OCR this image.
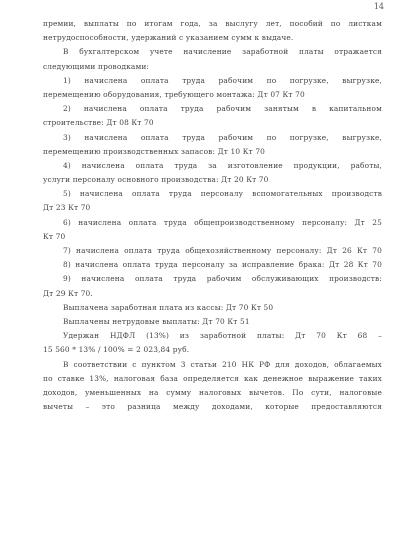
14
премии, выплаты по итогам года, за выслугу лет, пособий по листкам
нетрудоспособности, удержаний с указанием сумм к выдаче.
В бухгалтерском учете начисление заработной платы отражается
следующими проводками:
1) начислена оплата труда рабочим по погрузке, выгрузке,
перемещению оборудования, требующего монтажа: Дт 07 Кт 70
2) начислена оплата труда рабочим занятым в капитальном
строительстве: Дт 08 Кт 70
3) начислена оплата труда рабочим по погрузке, выгрузке,
перемещению производственных запасов: Дт 10 Кт 70
4) начислена оплата труда за изготовление продукции, работы,
услуги персоналу основного производства: Дт 20 Кт 70
5) начислена оплата труда персоналу вспомогательных производств
Дт 23 Кт 70
6) начислена оплата труда общепроизводственному персоналу: Дт 25
Кт 70
7) начислена оплата труда общехозяйственному персоналу: Дт 26 Кт 70
8) начислена оплата труда персоналу за исправление брака: Дт 28 Кт 70
9) начислена оплата труда рабочим обслуживающих производств:
Дт 29 Кт 70.
Выплачена заработная плата из кассы: Дт 70 Кт 50
Выплачены нетрудовые выплаты: Дт 70 Кт 51
Удержан НДФЛ (13%) из заработной платы: Дт 70 Кт 68 –
15 560 * 13% / 100% = 2 023,84 руб.
В соответствии с пунктом 3 статьи 210 НК РФ для доходов, облагаемых
по ставке 13%, налоговая база определяется как денежное выражение таких
доходов, уменьшенных на сумму налоговых вычетов. По сути, налоговые
вычеты – это разница между доходами, которые предоставляются
